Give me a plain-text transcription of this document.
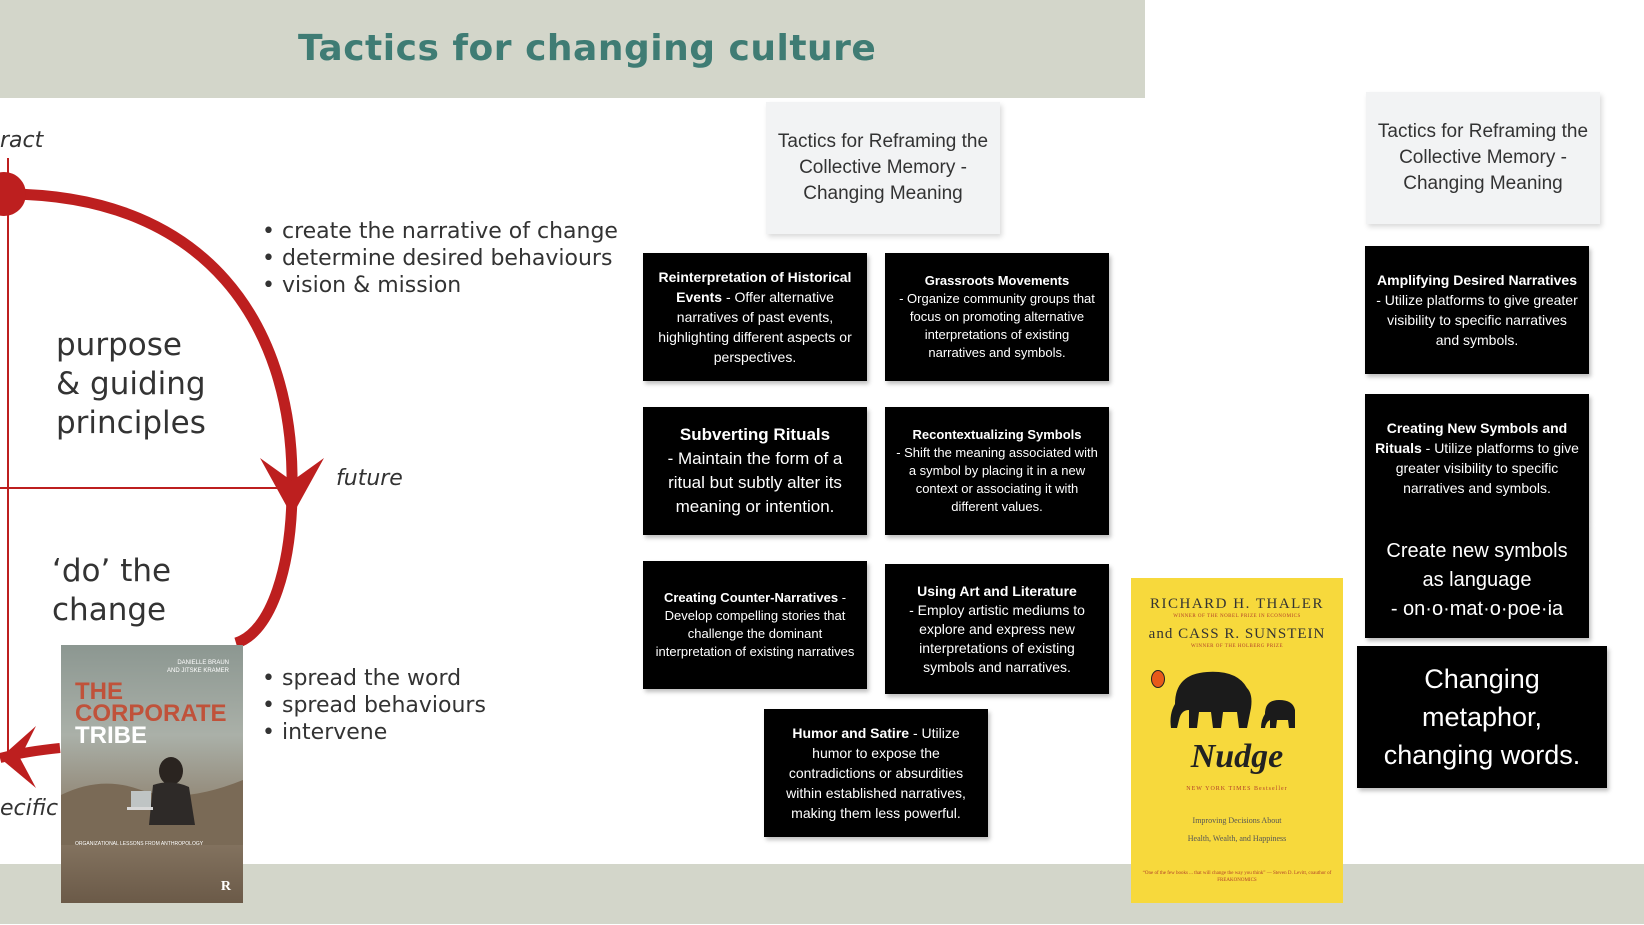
Tactics for changing culture
ract
ecific
future
purpose
& guiding
principles
‘do’ the
change
• create the narrative of change
• determine desired behaviours
• vision & mission
• spread the word
• spread behaviours
• intervene
DANIELLE BRAUN
AND JITSKE KRAMER
THE
CORPORATE
TRIBE
ORGANIZATIONAL LESSONS FROM ANTHROPOLOGY
R
Tactics for Reframing the Collective Memory - Changing Meaning
Tactics for Reframing the Collective Memory - Changing Meaning
Reinterpretation of Historical Events - Offer alternative narratives of past events, highlighting different aspects or perspectives.
Grassroots Movements
- Organize community groups that focus on promoting alternative interpretations of existing narratives and symbols.
Subverting Rituals
- Maintain the form of a ritual but subtly alter its meaning or intention.
Recontextualizing Symbols
- Shift the meaning associated with a symbol by placing it in a new context or associating it with different values.
Creating Counter-Narratives - Develop compelling stories that challenge the dominant interpretation of existing narratives
Using Art and Literature
- Employ artistic mediums to explore and express new interpretations of existing symbols and narratives.
Humor and Satire - Utilize humor to expose the contradictions or absurdities within established narratives, making them less powerful.
Amplifying Desired Narratives - Utilize platforms to give greater visibility to specific narratives and symbols.
Creating New Symbols and Rituals - Utilize platforms to give greater visibility to specific narratives and symbols.
Create new symbols
as language
- on·o·mat·o·poe·ia
Changing
metaphor,
changing words.
RICHARD H. THALER
WINNER OF THE NOBEL PRIZE IN ECONOMICS
and CASS R. SUNSTEIN
WINNER OF THE HOLBERG PRIZE
Nudge
NEW YORK TIMES Bestseller
Improving Decisions About
Health, Wealth, and Happiness
“One of the few books ... that will change the way you think” — Steven D. Levitt, coauthor of FREAKONOMICS
